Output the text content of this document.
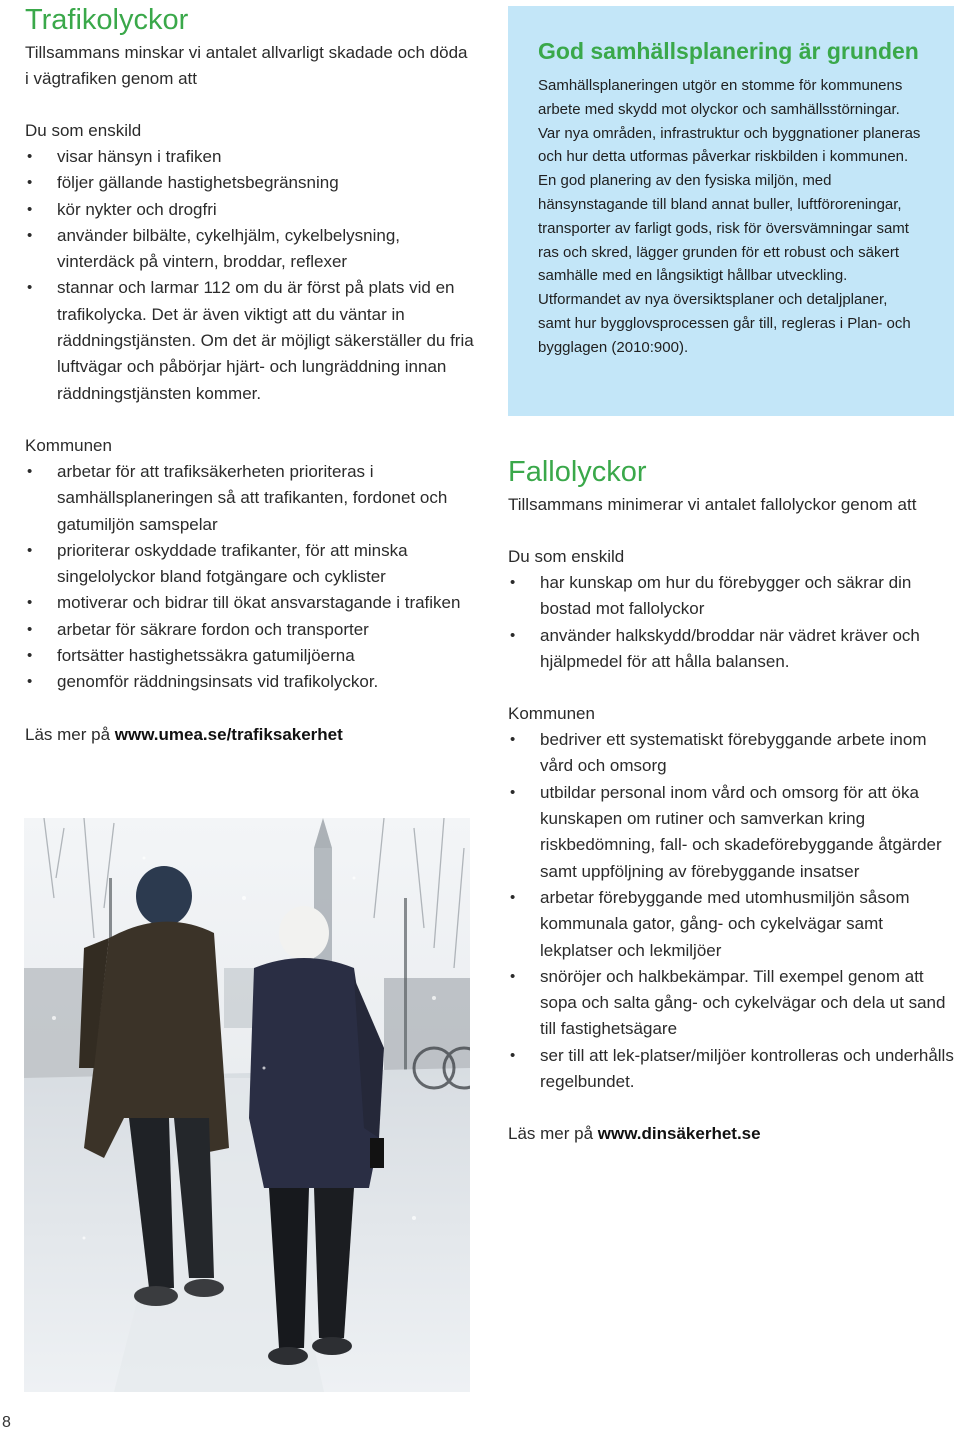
Trafikolyckor

Tillsammans minskar vi antalet allvarligt skadade och döda i vägtrafiken genom att

Du som enskild

• visar hänsyn i trafiken
• följer gällande hastighetsbegränsning
• kör nykter och drogfri
• använder bilbälte, cykelhjälm, cykelbelysning, vinterdäck på vintern, broddar, reflexer
• stannar och larmar 112 om du är först på plats vid en trafikolycka. Det är även viktigt att du väntar in räddningstjänsten. Om det är möjligt säkerställer du fria luftvägar och påbörjar hjärt- och lungräddning innan räddningstjänsten kommer.

Kommunen

• arbetar för att trafiksäkerheten prioriteras i samhällsplaneringen så att trafikanten, fordonet och gatumiljön samspelar
• prioriterar oskyddade trafikanter, för att minska singelolyckor bland fotgängare och cyklister
• motiverar och bidrar till ökat ansvarstagande i trafiken
• arbetar för säkrare fordon och transporter
• fortsätter hastighetssäkra gatumiljöerna
• genomför räddningsinsats vid trafikolyckor.

Läs mer på www.umea.se/trafiksakerhet

God samhällsplanering är grunden

Samhällsplaneringen utgör en stomme för kommunens arbete med skydd mot olyckor och samhällsstörningar. Var nya områden, infrastruktur och byggnationer planeras och hur detta utformas påverkar riskbilden i kommunen. En god planering av den fysiska miljön, med hänsynstagande till bland annat buller, luftföroreningar, transporter av farligt gods, risk för översvämningar samt ras och skred, lägger grunden för ett robust och säkert samhälle med en långsiktigt hållbar utveckling. Utformandet av nya översiktsplaner och detaljplaner, samt hur bygglovsprocessen går till, regleras i Plan- och bygglagen (2010:900).

Fallolyckor

Tillsammans minimerar vi antalet fallolyckor genom att

Du som enskild

• har kunskap om hur du förebygger och säkrar din bostad mot fallolyckor
• använder halkskydd/broddar när vädret kräver och hjälpmedel för att hålla balansen.

Kommunen

• bedriver ett systematiskt förebyggande arbete inom vård och omsorg
• utbildar personal inom vård och omsorg för att öka kunskapen om rutiner och samverkan kring riskbedömning, fall- och skadeförebyggande åtgärder samt uppföljning av förebyggande insatser
• arbetar förebyggande med utomhusmiljön såsom kommunala gator, gång- och cykelvägar samt lekplatser och lekmiljöer
• snöröjer och halkbekämpar. Till exempel genom att sopa och salta gång- och cykelvägar och dela ut sand till fastighetsägare
• ser till att lek-platser/miljöer kontrolleras och underhålls regelbundet.

Läs mer på www.dinsäkerhet.se

8
